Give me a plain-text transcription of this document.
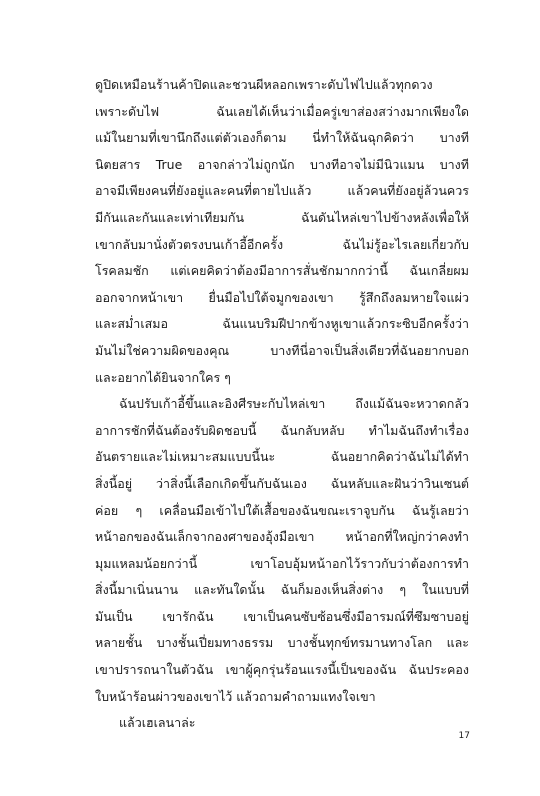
ดูปิดเหมือนร้านค้าปิดและชวนผีหลอกเพราะดับไฟไปแล้วทุกดวง
เพราะดับไฟ ฉันเลยได้เห็นว่าเมื่อครู่เขาส่องสว่างมากเพียงใด
แม้ในยามที่เขานึกถึงแต่ตัวเองก็ตาม นี่ทำให้ฉันฉุกคิดว่า บางที
นิตยสาร True อาจกล่าวไม่ถูกนัก บางทีอาจไม่มีนิวแมน บางที
อาจมีเพียงคนที่ยังอยู่และคนที่ตายไปแล้ว แล้วคนที่ยังอยู่ล้วนควร
มีกันและกันและเท่าเทียมกัน ฉันดันไหล่เขาไปข้างหลังเพื่อให้
เขากลับมานั่งตัวตรงบนเก้าอี้อีกครั้ง ฉันไม่รู้อะไรเลยเกี่ยวกับ
โรคลมชัก แต่เคยคิดว่าต้องมีอาการสั่นชักมากกว่านี้ ฉันเกลี่ยผม
ออกจากหน้าเขา ยื่นมือไปใต้จมูกของเขา รู้สึกถึงลมหายใจแผ่ว
และสม่ำเสมอ ฉันแนบริมฝีปากข้างหูเขาแล้วกระซิบอีกครั้งว่า
มันไม่ใช่ความผิดของคุณ บางทีนี่อาจเป็นสิ่งเดียวที่ฉันอยากบอก
และอยากได้ยินจากใคร ๆ
ฉันปรับเก้าอี้ขึ้นและอิงศีรษะกับไหล่เขา ถึงแม้ฉันจะหวาดกลัว
อาการชักที่ฉันต้องรับผิดชอบนี้ ฉันกลับหลับ ทำไมฉันถึงทำเรื่อง
อันตรายและไม่เหมาะสมแบบนี้นะ ฉันอยากคิดว่าฉันไม่ได้ทำ
สิ่งนี้อยู่ ว่าสิ่งนี้เลือกเกิดขึ้นกับฉันเอง ฉันหลับและฝันว่าวินเซนต์
ค่อย ๆ เคลื่อนมือเข้าไปใต้เสื้อของฉันขณะเราจูบกัน ฉันรู้เลยว่า
หน้าอกของฉันเล็กจากองศาของอุ้งมือเขา หน้าอกที่ใหญ่กว่าคงทำ
มุมแหลมน้อยกว่านี้ เขาโอบอุ้มหน้าอกไว้ราวกับว่าต้องการทำ
สิ่งนี้มาเนิ่นนาน และทันใดนั้น ฉันก็มองเห็นสิ่งต่าง ๆ ในแบบที่
มันเป็น เขารักฉัน เขาเป็นคนซับซ้อนซึ่งมีอารมณ์ที่ซึมซาบอยู่
หลายชั้น บางชั้นเปี่ยมทางธรรม บางชั้นทุกข์ทรมานทางโลก และ
เขาปรารถนาในตัวฉัน เขาผู้คุกรุ่นร้อนแรงนี้เป็นของฉัน ฉันประคอง
ใบหน้าร้อนผ่าวของเขาไว้ แล้วถามคำถามแทงใจเขา
แล้วเฮเลนาล่ะ
17
